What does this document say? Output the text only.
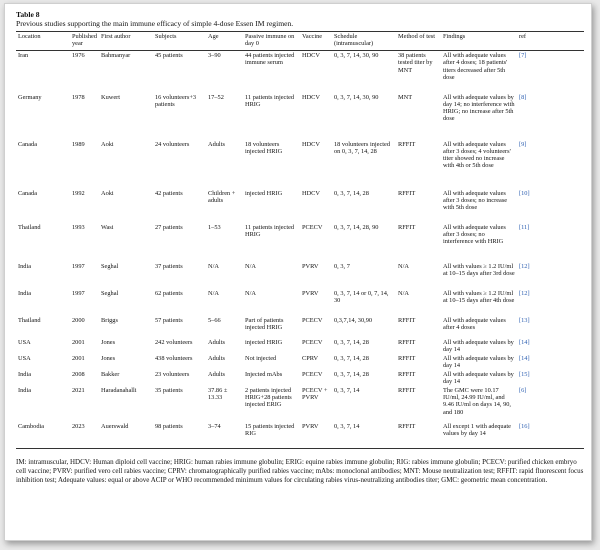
Table 8
Previous studies supporting the main immune efficacy of simple 4-dose Essen IM regimen.
Location	Published year	First author	Subjects	Age	Passive immune on day 0	Vaccine	Schedule (intramuscular)	Method of test	Findings	ref
Iran	1976	Bahmanyar	45 patients	3–90	44 patients injected immune serum	HDCV	0, 3, 7, 14, 30, 90	38 patients tested titer by MNT	All with adequate values after 4 doses; 18 patients' titers decreased after 5th dose	[7]
Germany	1978	Kuwert	16 volunteers+3 patients	17–52	11 patients injected HRIG	HDCV	0, 3, 7, 14, 30, 90	MNT	All with adequate values by day 14; no interference with HRIG; no increase after 5th dose	[8]
Canada	1989	Aoki	24 volunteers	Adults	18 volunteers injected HRIG	HDCV	18 volunteers injected on 0, 3, 7, 14, 28	RFFIT	All with adequate values after 3 doses; 4 volunteers' titer showed no increase with 4th or 5th dose	[9]
Canada	1992	Aoki	42 patients	Children + adults	injected HRIG	HDCV	0, 3, 7, 14, 28	RFFIT	All with adequate values after 3 doses; no increase with 5th dose	[10]
Thailand	1993	Wasi	27 patients	1–53	11 patients injected HRIG	PCECV	0, 3, 7, 14, 28, 90	RFFIT	All with adequate values after 3 doses; no interference with HRIG	[11]
India	1997	Seghal	37 patients	N/A	N/A	PVRV	0, 3, 7	N/A	All with values ≥ 1.2 IU/ml at 10–15 days after 3rd dose	[12]
India	1997	Seghal	62 patients	N/A	N/A	PVRV	0, 3, 7, 14 or 0, 7, 14, 30	N/A	All with values ≥ 1.2 IU/ml at 10–15 days after 4th dose	[12]
Thailand	2000	Briggs	57 patients	5–66	Part of patients injected HRIG	PCECV	0,3,7,14, 30,90	RFFIT	All with adequate values after 4 doses	[13]
USA	2001	Jones	242 volunteers	Adults	injected HRIG	PCECV	0, 3, 7, 14, 28	RFFIT	All with adequate values by day 14	[14]
USA	2001	Jones	438 volunteers	Adults	Not injected	CPRV	0, 3, 7, 14, 28	RFFIT	All with adequate values by day 14	[14]
India	2008	Bakker	23 volunteers	Adults	Injected mAbs	PCECV	0, 3, 7, 14, 28	RFFIT	All with adequate values by day 14	[15]
India	2021	Haradanahalli	35 patients	37.86 ± 13.33	2 patients injected HRIG+28 patients injected ERIG	PCECV + PVRV	0, 3, 7, 14	RFFIT	The GMC were 10.17 IU/ml, 24.99 IU/ml, and 9.46 IU/ml on days 14, 90, and 180	[6]
Cambodia	2023	Auerswald	98 patients	3–74	15 patients injected RIG	PVRV	0, 3, 7, 14	RFFIT	All except 1 with adequate values by day 14	[16]
IM: intramuscular, HDCV: Human diploid cell vaccine; HRIG: human rabies immune globulin; ERIG: equine rabies immune globulin; RIG: rabies immune globulin; PCECV: purified chicken embryo cell vaccine; PVRV: purified vero cell rabies vaccine; CPRV: chromatographically purified rabies vaccine; mAbs: monoclonal antibodies; MNT: Mouse neutralization test; RFFIT: rapid fluorescent focus inhibition test; Adequate values: equal or above ACIP or WHO recommended minimum values for circulating rabies virus-neutralizing antibodies titer; GMC: geometric mean concentration.
